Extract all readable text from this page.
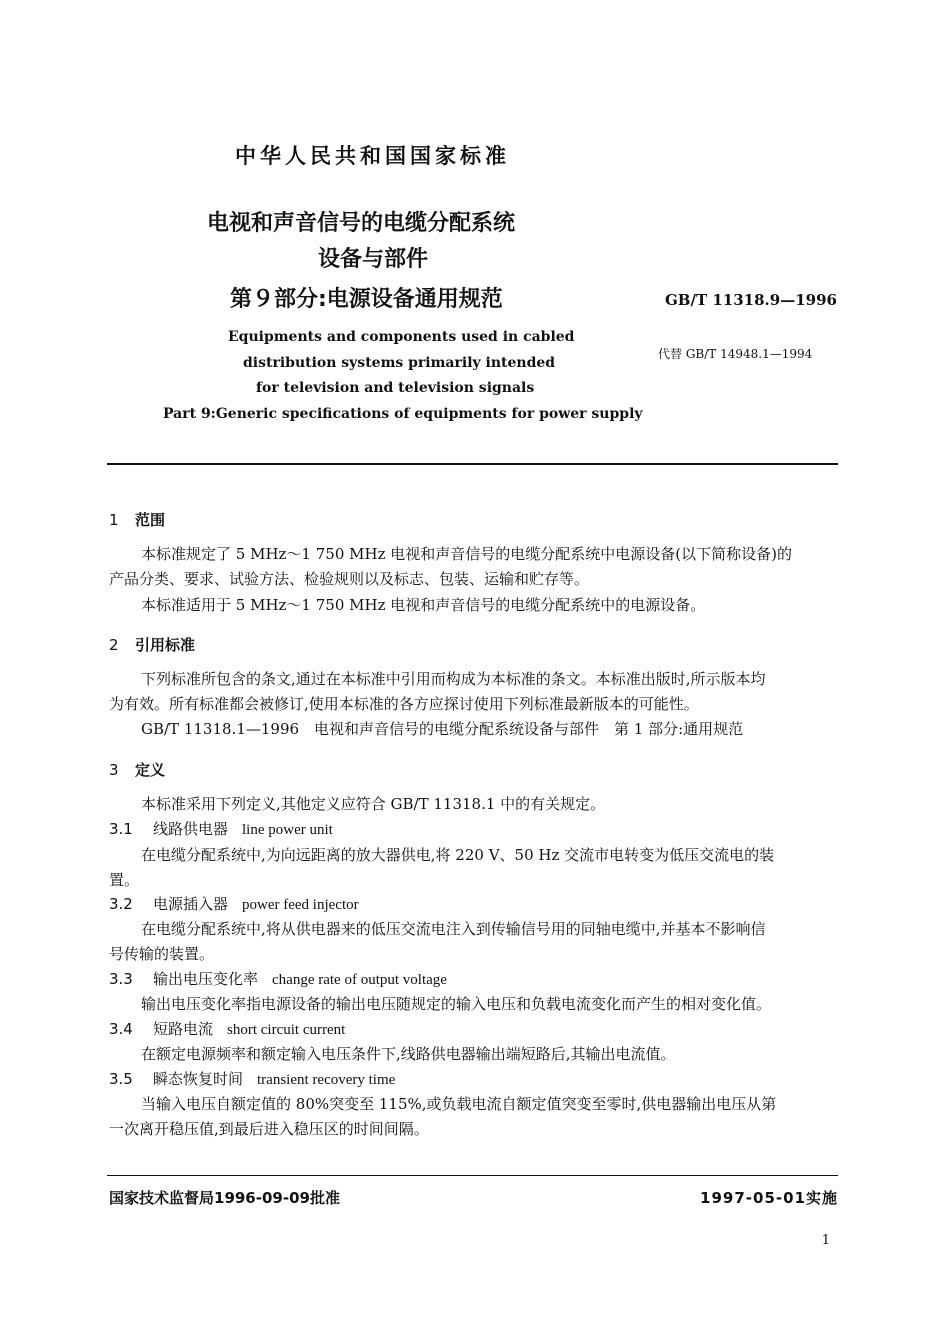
中华人民共和国国家标准
电视和声音信号的电缆分配系统
设备与部件
第９部分:电源设备通用规范	GB/T 11318.9—1996
代替 GB/T 14948.1—1994
Equipments and components used in cabled
distribution systems primarily intended
for television and television signals
Part 9:Generic specifications of equipments for power supply
1 范围
本标准规定了 5 MHz～1 750 MHz 电视和声音信号的电缆分配系统中电源设备(以下简称设备)的
产品分类、要求、试验方法、检验规则以及标志、包装、运输和贮存等。
本标准适用于 5 MHz～1 750 MHz 电视和声音信号的电缆分配系统中的电源设备。
2 引用标准
下列标准所包含的条文,通过在本标准中引用而构成为本标准的条文。本标准出版时,所示版本均
为有效。所有标准都会被修订,使用本标准的各方应探讨使用下列标准最新版本的可能性。
GB/T 11318.1—1996　电视和声音信号的电缆分配系统设备与部件　第 1 部分:通用规范
3 定义
本标准采用下列定义,其他定义应符合 GB/T 11318.1 中的有关规定。
3.1 线路供电器 line power unit
在电缆分配系统中,为向远距离的放大器供电,将 220 V、50 Hz 交流市电转变为低压交流电的装
置。
3.2 电源插入器 power feed injector
在电缆分配系统中,将从供电器来的低压交流电注入到传输信号用的同轴电缆中,并基本不影响信
号传输的装置。
3.3 输出电压变化率 change rate of output voltage
输出电压变化率指电源设备的输出电压随规定的输入电压和负载电流变化而产生的相对变化值。
3.4 短路电流 short circuit current
在额定电源频率和额定输入电压条件下,线路供电器输出端短路后,其输出电流值。
3.5 瞬态恢复时间 transient recovery time
当输入电压自额定值的 80%突变至 115%,或负载电流自额定值突变至零时,供电器输出电压从第
一次离开稳压值,到最后进入稳压区的时间间隔。
国家技术监督局1996-09-09批准	1997-05-01实施
1
